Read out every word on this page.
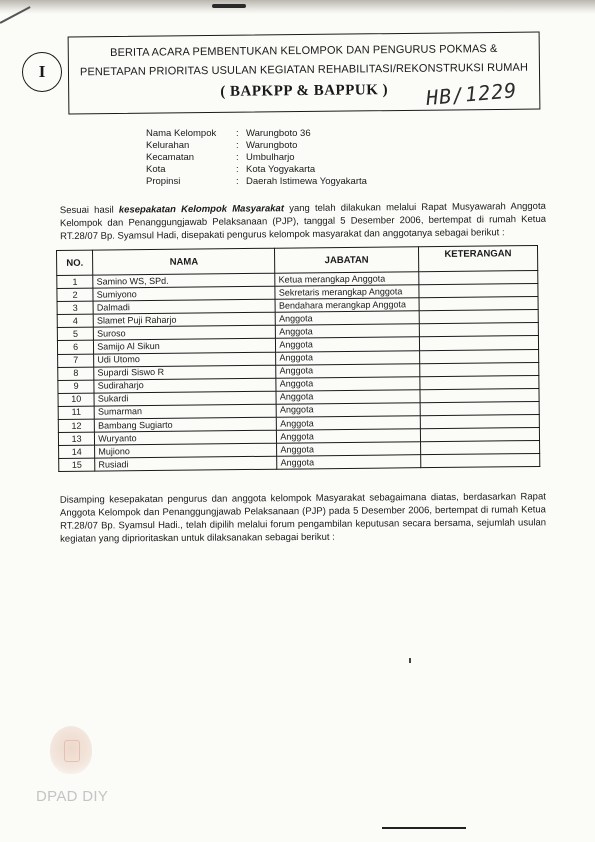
I
BERITA ACARA PEMBENTUKAN KELOMPOK DAN PENGURUS POKMAS &
PENETAPAN PRIORITAS USULAN KEGIATAN REHABILITASI/REKONSTRUKSI RUMAH
( BAPKPP & BAPPUK )	HB/1229
Nama Kelompok	: Warungboto 36
Kelurahan	: Warungboto
Kecamatan	: Umbulharjo
Kota	: Kota Yogyakarta
Propinsi	: Daerah Istimewa Yogyakarta
Sesuai hasil kesepakatan Kelompok Masyarakat yang telah dilakukan melalui Rapat Musyawarah Anggota Kelompok dan Penanggungjawab Pelaksanaan (PJP), tanggal 5 Desember 2006, bertempat di rumah Ketua RT.28/07 Bp. Syamsul Hadi, disepakati pengurus kelompok masyarakat dan anggotanya sebagai berikut :
NO.	NAMA	JABATAN	KETERANGAN
1	Samino WS, SPd.	Ketua merangkap Anggota	
2	Sumiyono	Sekretaris merangkap Anggota	
3	Dalmadi	Bendahara merangkap Anggota	
4	Slamet Puji Raharjo	Anggota	
5	Suroso	Anggota	
6	Samijo Al Sikun	Anggota	
7	Udi Utomo	Anggota	
8	Supardi Siswo R	Anggota	
9	Sudiraharjo	Anggota	
10	Sukardi	Anggota	
11	Sumarman	Anggota	
12	Bambang Sugiarto	Anggota	
13	Wuryanto	Anggota	
14	Mujiono	Anggota	
15	Rusiadi	Anggota	
Disamping kesepakatan pengurus dan anggota kelompok Masyarakat sebagaimana diatas, berdasarkan Rapat Anggota Kelompok dan Penanggungjawab Pelaksanaan (PJP) pada 5 Desember 2006, bertempat di rumah Ketua RT.28/07 Bp. Syamsul Hadi., telah dipilih melalui forum pengambilan keputusan secara bersama, sejumlah usulan kegiatan yang diprioritaskan untuk dilaksanakan sebagai berikut :
DPAD DIY
